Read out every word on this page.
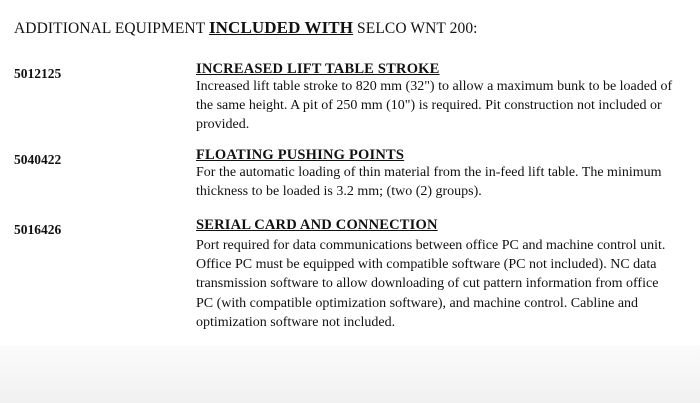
ADDITIONAL EQUIPMENT INCLUDED WITH SELCO WNT 200:
5012125	INCREASED LIFT TABLE STROKE
Increased lift table stroke to 820 mm (32") to allow a maximum bunk to be loaded of the same height. A pit of 250 mm (10") is required. Pit construction not included or provided.
5040422	FLOATING PUSHING POINTS
For the automatic loading of thin material from the in-feed lift table. The minimum thickness to be loaded is 3.2 mm; (two (2) groups).
5016426	SERIAL CARD AND CONNECTION
Port required for data communications between office PC and machine control unit. Office PC must be equipped with compatible software (PC not included). NC data transmission software to allow downloading of cut pattern information from office PC (with compatible optimization software), and machine control. Cabline and optimization software not included.
